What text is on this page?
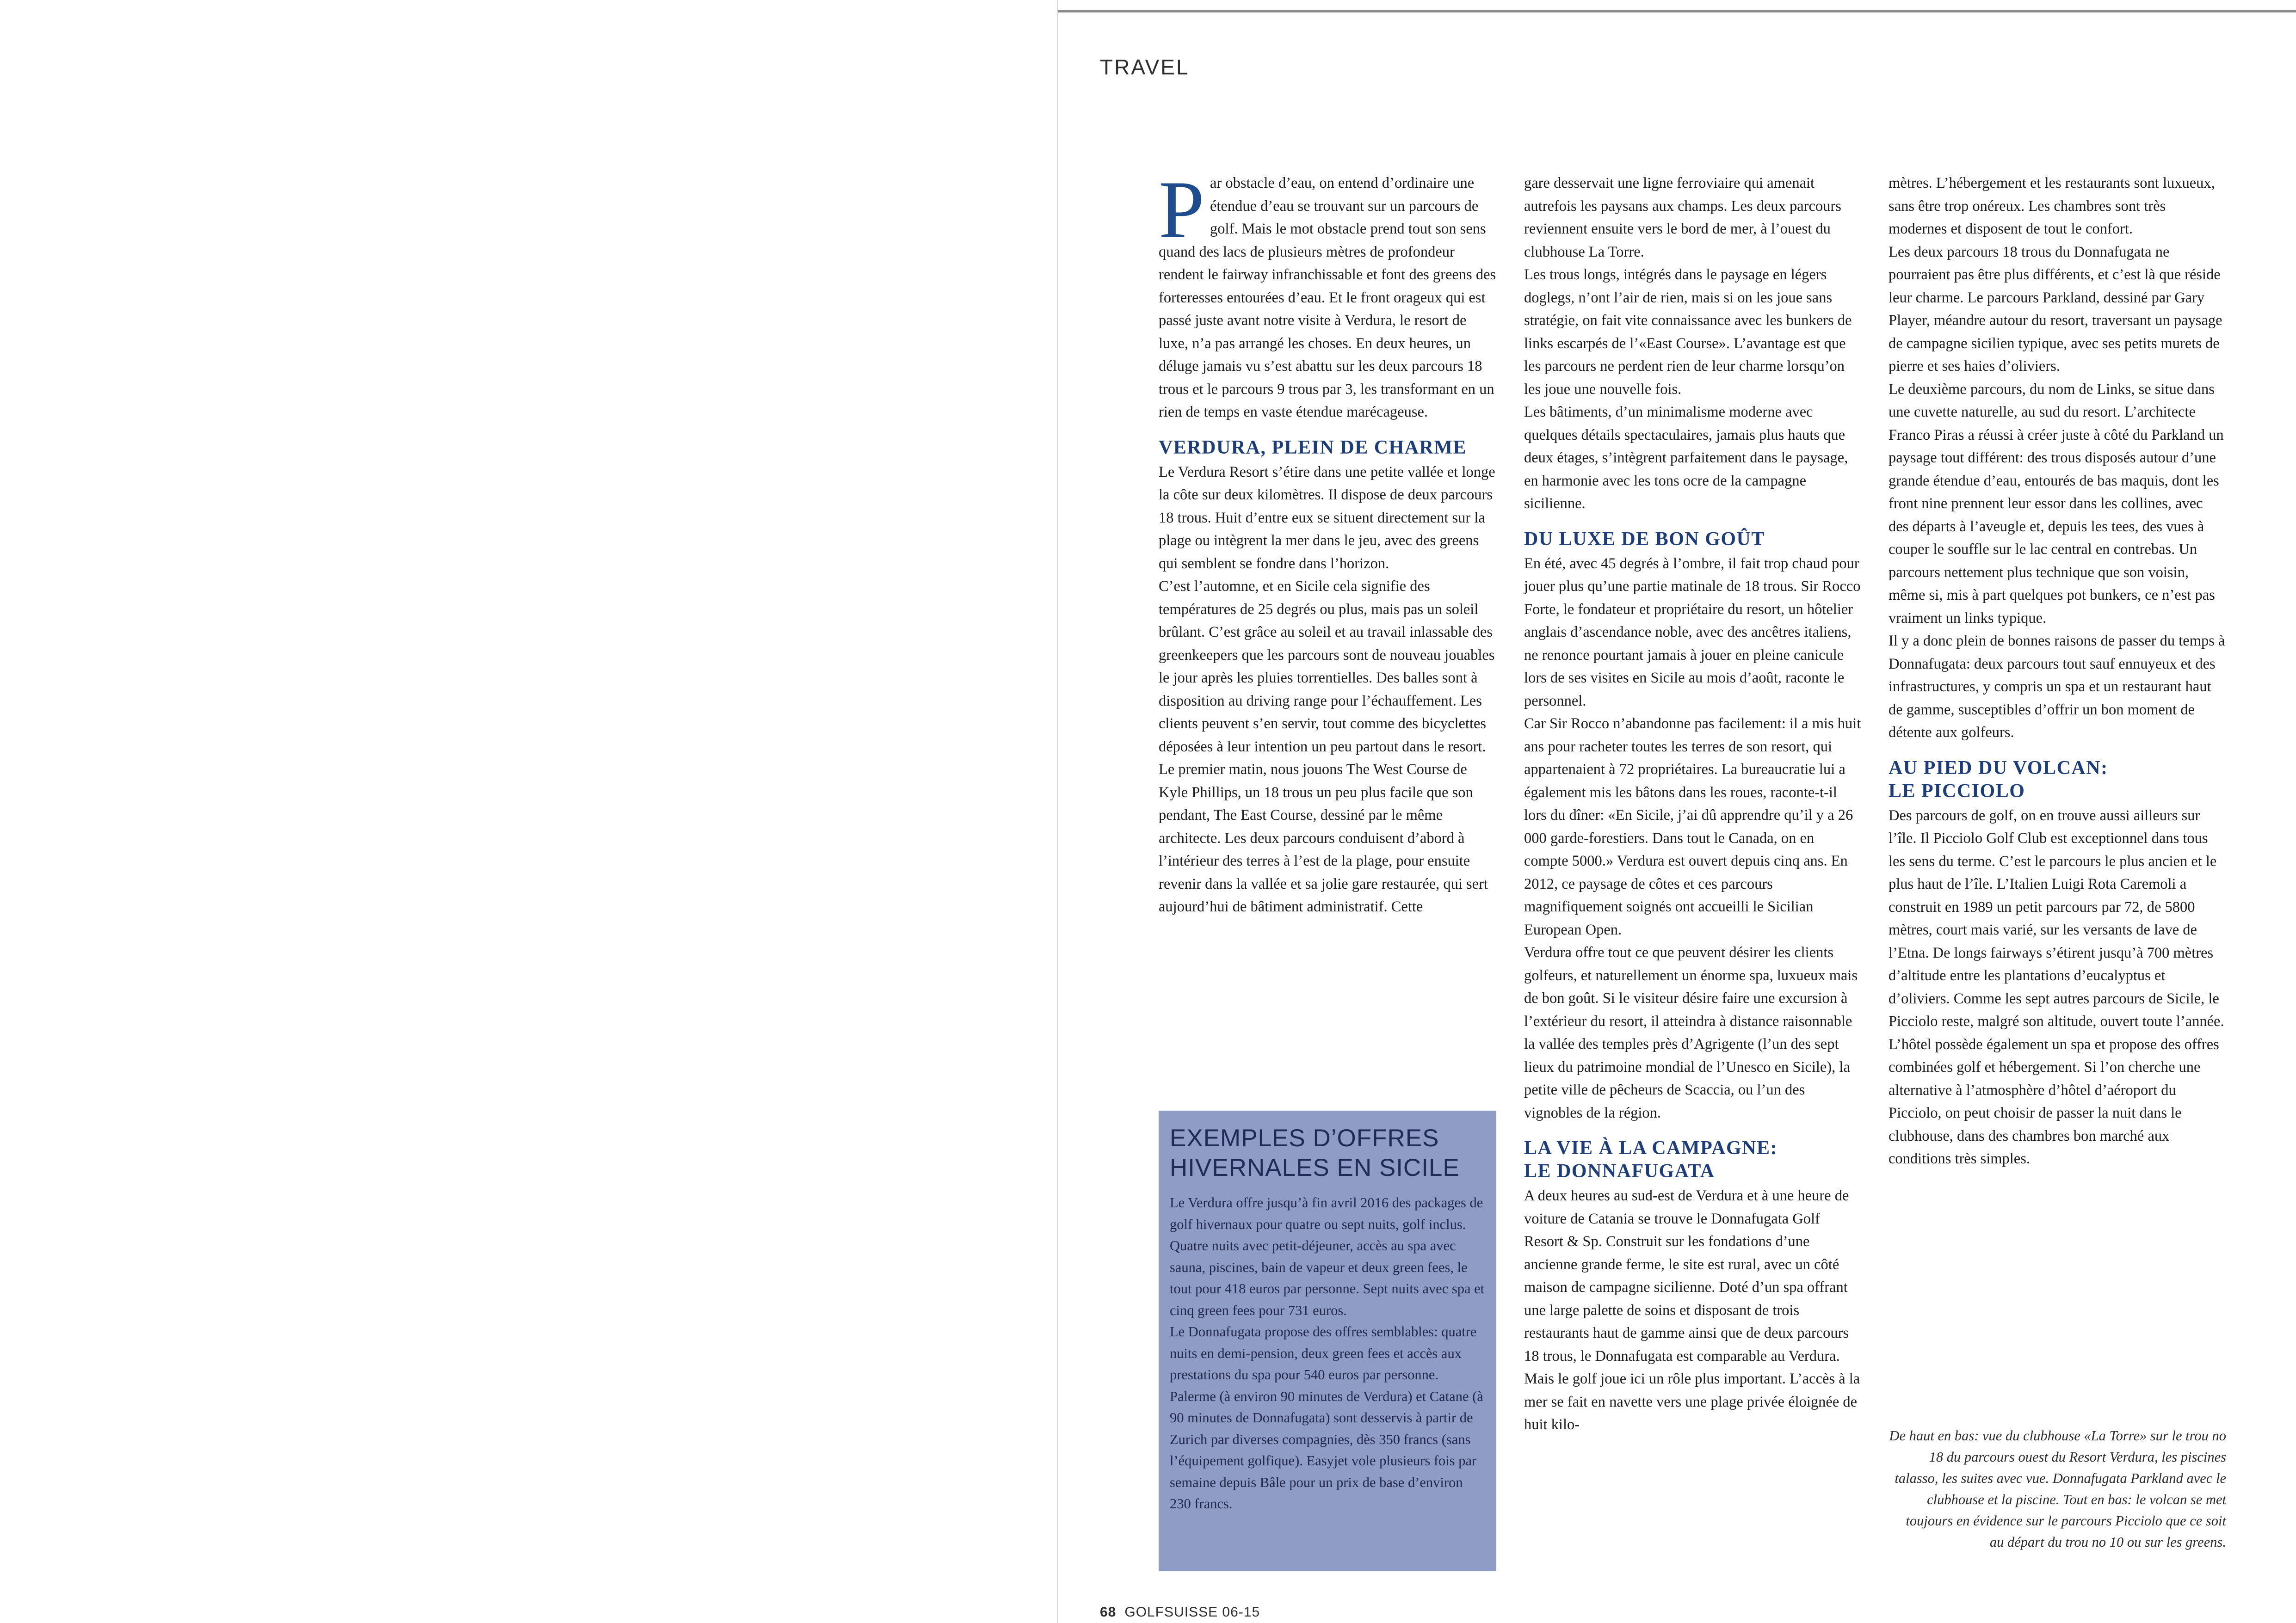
TRAVEL

Par obstacle d’eau, on entend d’ordinaire une étendue d’eau se trouvant sur un parcours de golf. Mais le mot obstacle prend tout son sens quand des lacs de plusieurs mètres de profondeur rendent le fairway infranchissable et font des greens des forteresses entourées d’eau. Et le front orageux qui est passé juste avant notre visite à Verdura, le resort de luxe, n’a pas arrangé les choses. En deux heures, un déluge jamais vu s’est abattu sur les deux parcours 18 trous et le parcours 9 trous par 3, les transformant en un rien de temps en vaste étendue marécageuse.

VERDURA, PLEIN DE CHARME

Le Verdura Resort s’étire dans une petite vallée et longe la côte sur deux kilomètres. Il dispose de deux parcours 18 trous. Huit d’entre eux se situent directement sur la plage ou intègrent la mer dans le jeu, avec des greens qui semblent se fondre dans l’horizon.

C’est l’automne, et en Sicile cela signifie des températures de 25 degrés ou plus, mais pas un soleil brûlant. C’est grâce au soleil et au travail inlassable des greenkeepers que les parcours sont de nouveau jouables le jour après les pluies torrentielles. Des balles sont à disposition au driving range pour l’échauffement. Les clients peuvent s’en servir, tout comme des bicyclettes déposées à leur intention un peu partout dans le resort.

Le premier matin, nous jouons The West Course de Kyle Phillips, un 18 trous un peu plus facile que son pendant, The East Course, dessiné par le même architecte. Les deux parcours conduisent d’abord à l’intérieur des terres à l’est de la plage, pour ensuite revenir dans la vallée et sa jolie gare restaurée, qui sert aujourd’hui de bâtiment administratif. Cette

EXEMPLES D’OFFRES
HIVERNALES EN SICILE

Le Verdura offre jusqu’à fin avril 2016 des packages de golf hivernaux pour quatre ou sept nuits, golf inclus. Quatre nuits avec petit-déjeuner, accès au spa avec sauna, piscines, bain de vapeur et deux green fees, le tout pour 418 euros par personne. Sept nuits avec spa et cinq green fees pour 731 euros.

Le Donnafugata propose des offres semblables: quatre nuits en demi-pension, deux green fees et accès aux prestations du spa pour 540 euros par personne.

Palerme (à environ 90 minutes de Verdura) et Catane (à 90 minutes de Donnafugata) sont desservis à partir de Zurich par diverses compagnies, dès 350 francs (sans l’équipement golfique). Easyjet vole plusieurs fois par semaine depuis Bâle pour un prix de base d’environ 230 francs.

gare desservait une ligne ferroviaire qui amenait autrefois les paysans aux champs. Les deux parcours reviennent ensuite vers le bord de mer, à l’ouest du clubhouse La Torre.

Les trous longs, intégrés dans le paysage en légers doglegs, n’ont l’air de rien, mais si on les joue sans stratégie, on fait vite connaissance avec les bunkers de links escarpés de l’«East Course». L’avantage est que les parcours ne perdent rien de leur charme lorsqu’on les joue une nouvelle fois.

Les bâtiments, d’un minimalisme moderne avec quelques détails spectaculaires, jamais plus hauts que deux étages, s’intègrent parfaitement dans le paysage, en harmonie avec les tons ocre de la campagne sicilienne.

DU LUXE DE BON GOÛT

En été, avec 45 degrés à l’ombre, il fait trop chaud pour jouer plus qu’une partie matinale de 18 trous. Sir Rocco Forte, le fondateur et propriétaire du resort, un hôtelier anglais d’ascendance noble, avec des ancêtres italiens, ne renonce pourtant jamais à jouer en pleine canicule lors de ses visites en Sicile au mois d’août, raconte le personnel.

Car Sir Rocco n’abandonne pas facilement: il a mis huit ans pour racheter toutes les terres de son resort, qui appartenaient à 72 propriétaires. La bureaucratie lui a également mis les bâtons dans les roues, raconte-t-il lors du dîner: «En Sicile, j’ai dû apprendre qu’il y a 26 000 garde-forestiers. Dans tout le Canada, on en compte 5000.» Verdura est ouvert depuis cinq ans. En 2012, ce paysage de côtes et ces parcours magnifiquement soignés ont accueilli le Sicilian European Open.

Verdura offre tout ce que peuvent désirer les clients golfeurs, et naturellement un énorme spa, luxueux mais de bon goût. Si le visiteur désire faire une excursion à l’extérieur du resort, il atteindra à distance raisonnable la vallée des temples près d’Agrigente (l’un des sept lieux du patrimoine mondial de l’Unesco en Sicile), la petite ville de pêcheurs de Scaccia, ou l’un des vignobles de la région.

LA VIE À LA CAMPAGNE:
LE DONNAFUGATA

A deux heures au sud-est de Verdura et à une heure de voiture de Catania se trouve le Donnafugata Golf Resort & Sp. Construit sur les fondations d’une ancienne grande ferme, le site est rural, avec un côté maison de campagne sicilienne. Doté d’un spa offrant une large palette de soins et disposant de trois restaurants haut de gamme ainsi que de deux parcours 18 trous, le Donnafugata est comparable au Verdura. Mais le golf joue ici un rôle plus important. L’accès à la mer se fait en navette vers une plage privée éloignée de huit kilo-

mètres. L’hébergement et les restaurants sont luxueux, sans être trop onéreux. Les chambres sont très modernes et disposent de tout le confort.

Les deux parcours 18 trous du Donnafugata ne pourraient pas être plus différents, et c’est là que réside leur charme. Le parcours Parkland, dessiné par Gary Player, méandre autour du resort, traversant un paysage de campagne sicilien typique, avec ses petits murets de pierre et ses haies d’oliviers.

Le deuxième parcours, du nom de Links, se situe dans une cuvette naturelle, au sud du resort. L’architecte Franco Piras a réussi à créer juste à côté du Parkland un paysage tout différent: des trous disposés autour d’une grande étendue d’eau, entourés de bas maquis, dont les front nine prennent leur essor dans les collines, avec des départs à l’aveugle et, depuis les tees, des vues à couper le souffle sur le lac central en contrebas. Un parcours nettement plus technique que son voisin, même si, mis à part quelques pot bunkers, ce n’est pas vraiment un links typique.

Il y a donc plein de bonnes raisons de passer du temps à Donnafugata: deux parcours tout sauf ennuyeux et des infrastructures, y compris un spa et un restaurant haut de gamme, susceptibles d’offrir un bon moment de détente aux golfeurs.

AU PIED DU VOLCAN:
LE PICCIOLO

Des parcours de golf, on en trouve aussi ailleurs sur l’île. Il Picciolo Golf Club est exceptionnel dans tous les sens du terme. C’est le parcours le plus ancien et le plus haut de l’île. L’Italien Luigi Rota Caremoli a construit en 1989 un petit parcours par 72, de 5800 mètres, court mais varié, sur les versants de lave de l’Etna. De longs fairways s’étirent jusqu’à 700 mètres d’altitude entre les plantations d’eucalyptus et d’oliviers. Comme les sept autres parcours de Sicile, le Picciolo reste, malgré son altitude, ouvert toute l’année. L’hôtel possède également un spa et propose des offres combinées golf et hébergement. Si l’on cherche une alternative à l’atmosphère d’hôtel d’aéroport du Picciolo, on peut choisir de passer la nuit dans le clubhouse, dans des chambres bon marché aux conditions très simples.

De haut en bas: vue du clubhouse «La Torre» sur le trou no 18 du parcours ouest du Resort Verdura, les piscines talasso, les suites avec vue. Donnafugata Parkland avec le clubhouse et la piscine. Tout en bas: le volcan se met toujours en évidence sur le parcours Picciolo que ce soit au départ du trou no 10 ou sur les greens.
68 GOLFSUISSE 06-15
